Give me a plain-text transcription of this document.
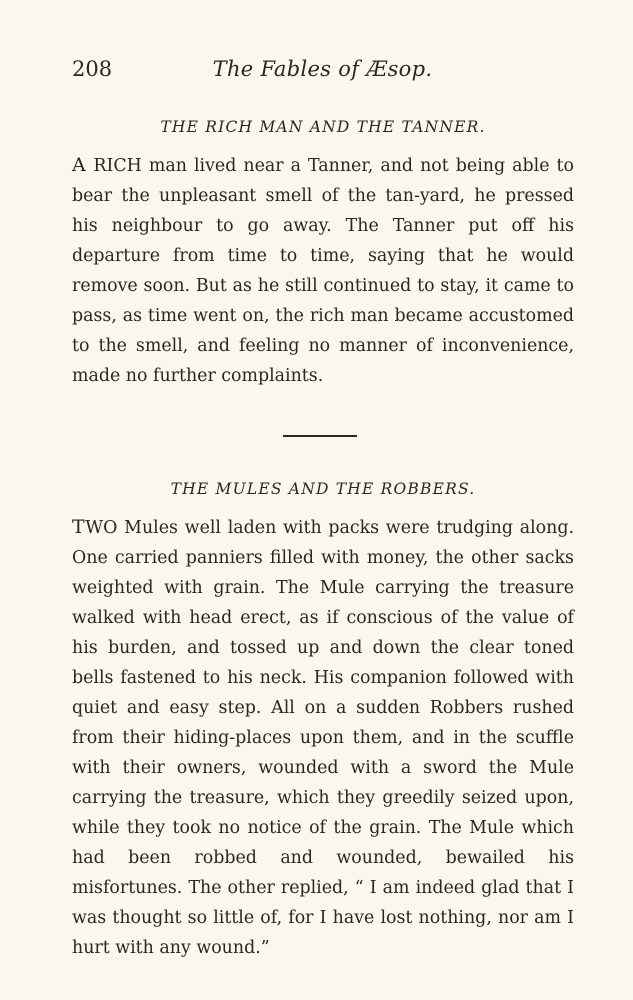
208	The Fables of Æsop.
THE RICH MAN AND THE TANNER.

A RICH man lived near a Tanner, and not being able to bear the unpleasant smell of the tan-yard, he pressed his neighbour to go away. The Tanner put off his departure from time to time, saying that he would remove soon. But as he still continued to stay, it came to pass, as time went on, the rich man became accustomed to the smell, and feeling no manner of inconvenience, made no further complaints.

THE MULES AND THE ROBBERS.

TWO Mules well laden with packs were trudging along. One carried panniers filled with money, the other sacks weighted with grain. The Mule carrying the treasure walked with head erect, as if conscious of the value of his burden, and tossed up and down the clear toned bells fastened to his neck. His companion followed with quiet and easy step. All on a sudden Robbers rushed from their hiding-places upon them, and in the scuffle with their owners, wounded with a sword the Mule carrying the treasure, which they greedily seized upon, while they took no notice of the grain. The Mule which had been robbed and wounded, bewailed his misfortunes. The other replied, “ I am indeed glad that I was thought so little of, for I have lost nothing, nor am I hurt with any wound.”
